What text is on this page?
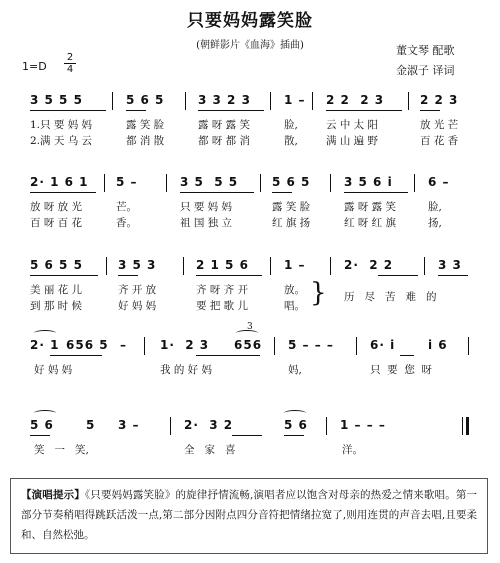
只要妈妈露笑脸
(朝鲜影片《血海》插曲)	董文琴 配歌
金淑子 译词
$1=D \frac{2}{4}$
3 5 5 5	5 6 5	3 3 2 3	1 – 2 2  2 3	2 2 3
1.只 要 妈 妈	露 笑 脸	露 呀 露 笑	脸,	云 中 太 阳	放 光 芒
2.满 天 乌 云	都 消 散	都 呀 都 消	散,	满 山 遍 野	百 花 香
2· 1 6 1 5 –	3 5  5 5	5 6 5	3 5 6 i	6 –
放 呀 放 光	芒。	只 要 妈 妈	露 笑 脸	露 呀 露 笑	脸,
百 呀 百 花	香。	祖 国 独 立	红 旗 扬	红 呀 红 旗	扬,
5 6 5 5	3 5 3	2 1 5 6	1 –	2·  2 2	3 3
美 丽 花 儿	齐 开 放	齐 呀 齐 开	放。
到 那 时 候	好 妈 妈	要 把 歌 儿	唱。 } 历   尽   苦   难   的
3
2· 1 656 5 –	1·  2 3 656 5 – – –	6· i	i 6
好 妈 妈	我 的 好 妈	妈,	只  要  您  呀
5 6	5 3 –	2·  3 2	5 6	1 – – –
笑   一   笑,	全   家   喜	洋。
【演唱提示】《只要妈妈露笑脸》的旋律抒情流畅,演唱者应以饱含对母亲的热爱之情来歌唱。第一部分节奏稍唱得跳跃活泼一点,第二部分因附点四分音符把情绪拉宽了,则用连贯的声音去唱,且要柔和、自然松弛。
